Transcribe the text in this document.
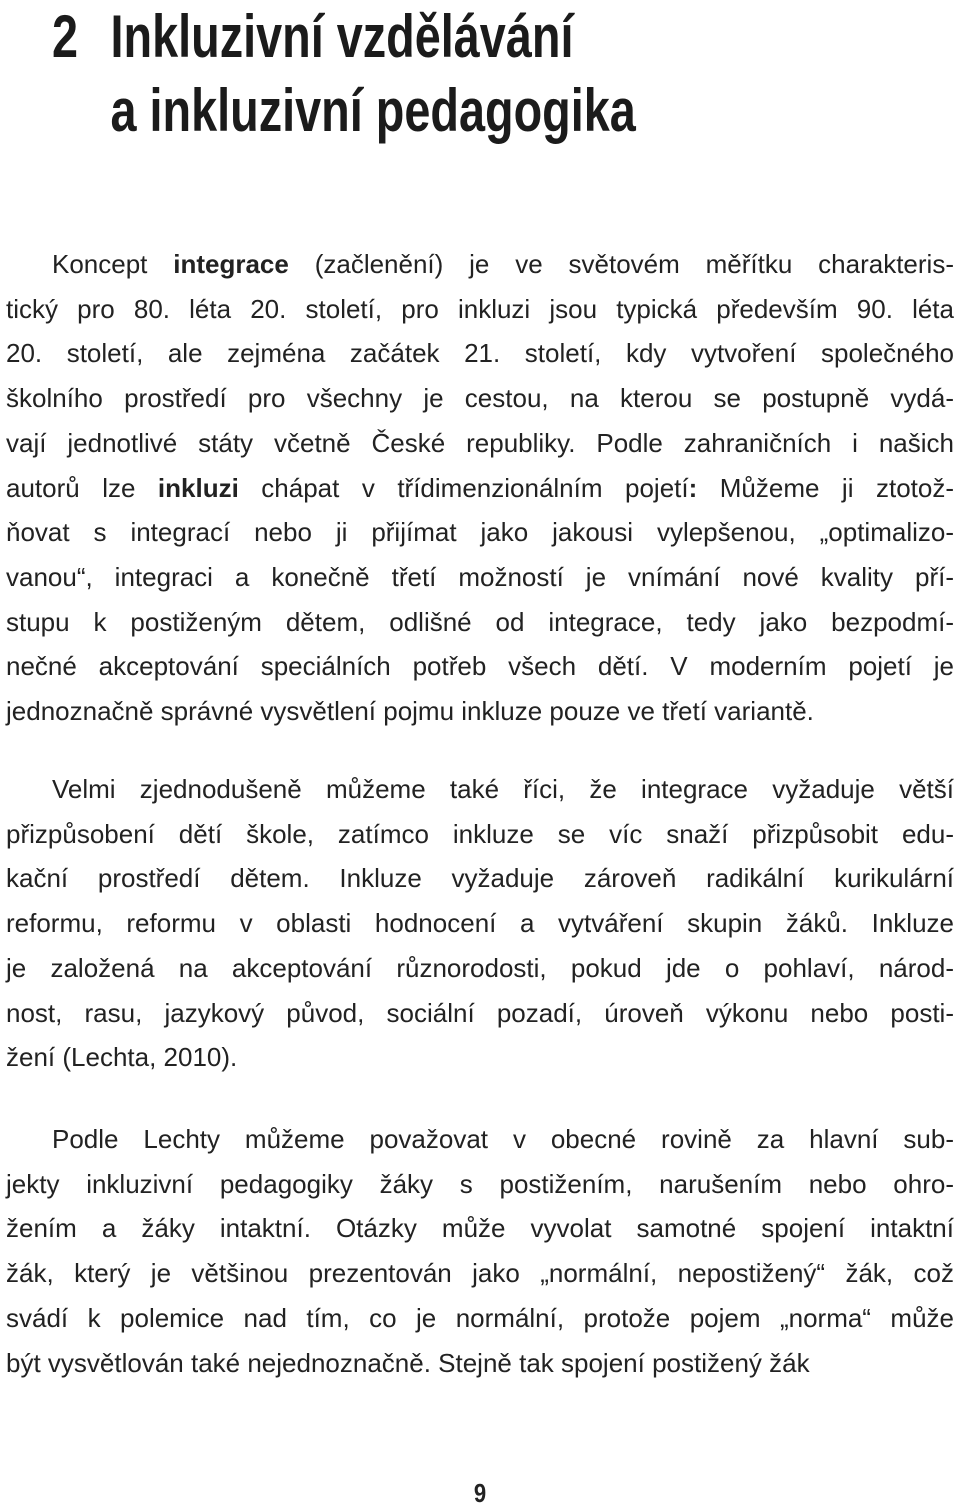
2 Inkluzivní vzdělávání
a inkluzivní pedagogika
Koncept integrace (začlenění) je ve světovém měřítku charakteris-
tický pro 80. léta 20. století, pro inkluzi jsou typická především 90. léta
20. století, ale zejména začátek 21. století, kdy vytvoření společného
školního prostředí pro všechny je cestou, na kterou se postupně vydá-
vají jednotlivé státy včetně České republiky. Podle zahraničních i našich
autorů lze inkluzi chápat v třídimenzionálním pojetí: Můžeme ji ztotož-
ňovat s integrací nebo ji přijímat jako jakousi vylepšenou, „optimalizo-
vanou“, integraci a konečně třetí možností je vnímání nové kvality pří-
stupu k postiženým dětem, odlišné od integrace, tedy jako bezpodmí-
nečné akceptování speciálních potřeb všech dětí. V moderním pojetí je
jednoznačně správné vysvětlení pojmu inkluze pouze ve třetí variantě.
Velmi zjednodušeně můžeme také říci, že integrace vyžaduje větší
přizpůsobení dětí škole, zatímco inkluze se víc snaží přizpůsobit edu-
kační prostředí dětem. Inkluze vyžaduje zároveň radikální kurikulární
reformu, reformu v oblasti hodnocení a vytváření skupin žáků. Inkluze
je založená na akceptování různorodosti, pokud jde o pohlaví, národ-
nost, rasu, jazykový původ, sociální pozadí, úroveň výkonu nebo posti-
žení (Lechta, 2010).
Podle Lechty můžeme považovat v obecné rovině za hlavní sub-
jekty inkluzivní pedagogiky žáky s postižením, narušením nebo ohro-
žením a žáky intaktní. Otázky může vyvolat samotné spojení intaktní
žák, který je většinou prezentován jako „normální, nepostižený“ žák, což
svádí k polemice nad tím, co je normální, protože pojem „norma“ může
být vysvětlován také nejednoznačně. Stejně tak spojení postižený žák
9
